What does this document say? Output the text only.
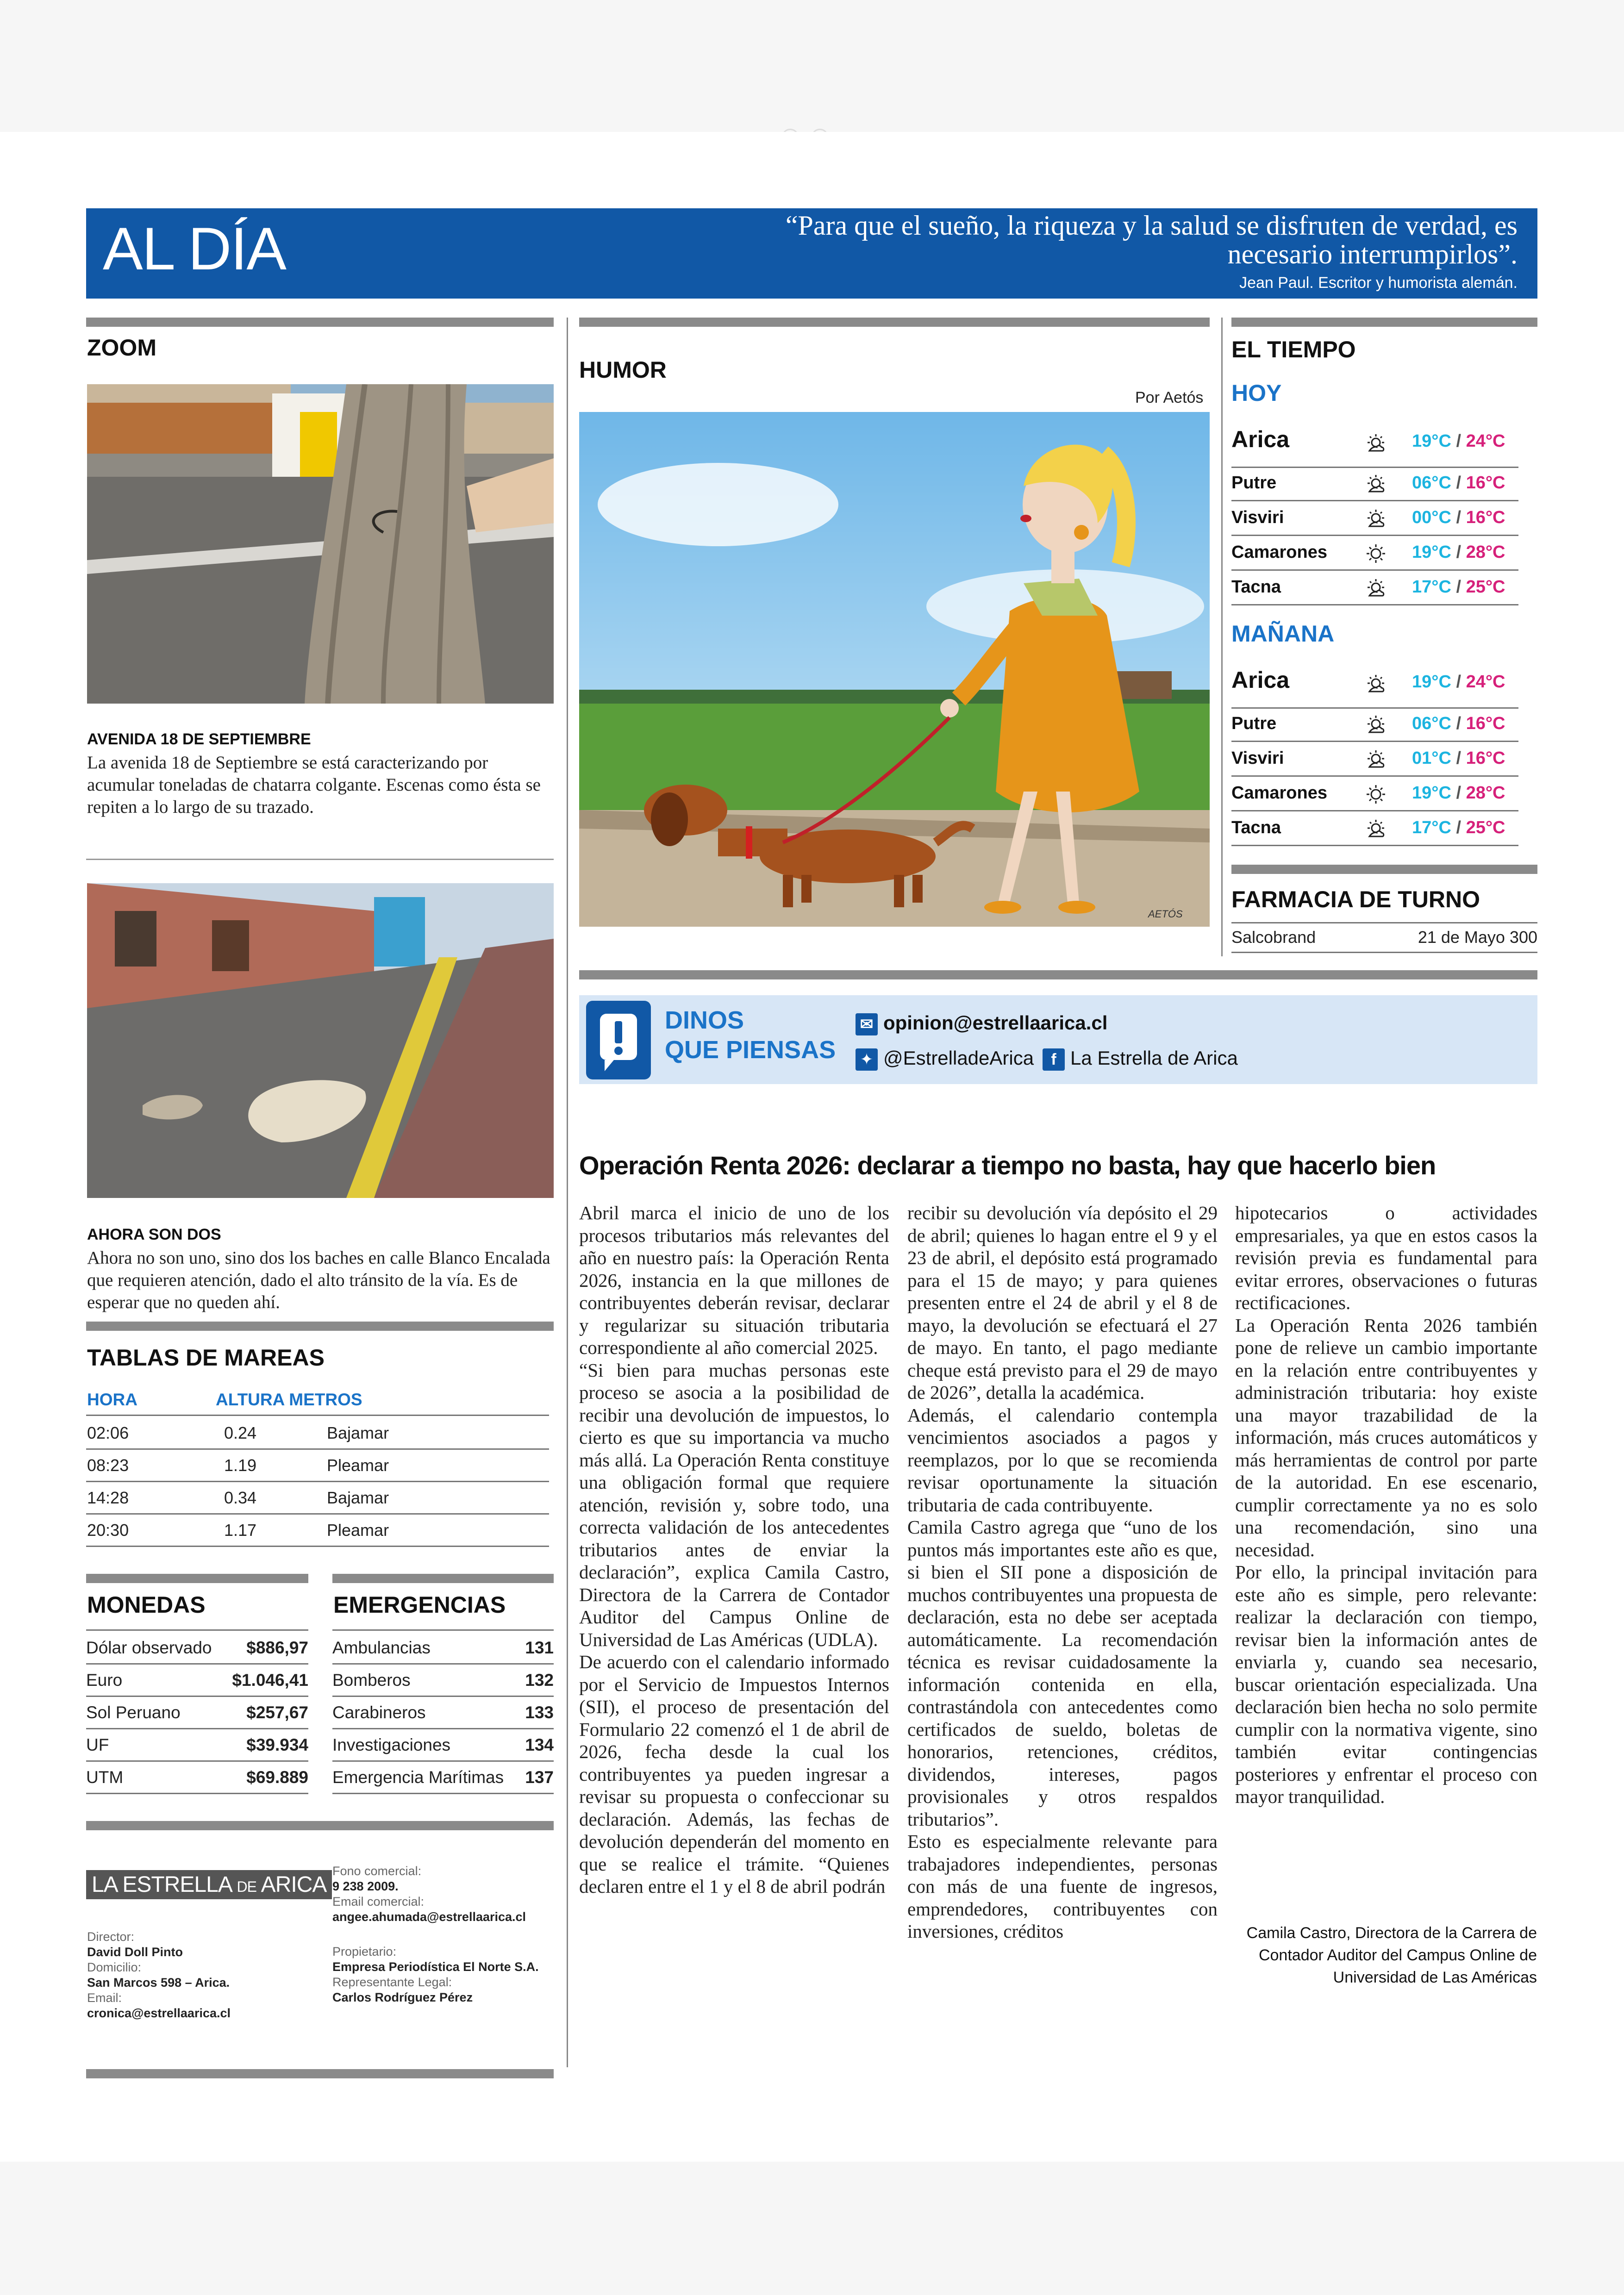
AL DÍA	“Para que el sueño, la riqueza y la salud se disfruten de verdad, es necesario interrumpirlos”.
Jean Paul. Escritor y humorista alemán.
ZOOM
AVENIDA 18 DE SEPTIEMBRE
La avenida 18 de Septiembre se está caracterizando por acumular toneladas de chatarra colgante. Escenas como ésta se repiten a lo largo de su trazado.
AHORA SON DOS
Ahora no son uno, sino dos los baches en calle Blanco Encalada que requieren atención, dado el alto tránsito de la vía. Es de esperar que no queden ahí.
TABLAS DE MAREAS
HORA	ALTURA METROS
02:06	0.24	Bajamar
08:23	1.19	Pleamar
14:28	0.34	Bajamar
20:30	1.17	Pleamar
MONEDAS
Dólar observado $886,97
Euro	$1.046,41
Sol Peruano	$257,67
UF	$39.934
UTM	$69.889
EMERGENCIAS
Ambulancias	131
Bomberos	132
Carabineros	133
Investigaciones	134
Emergencia Marítimas 137
LA ESTRELLA DE ARICA
Fono comercial:
9 238 2009.
Email comercial:
angee.ahumada@estrellaarica.cl
Director:
David Doll Pinto
Domicilio:
San Marcos 598 – Arica.
Email:
cronica@estrellaarica.cl
Propietario:
Empresa Periodística El Norte S.A.
Representante Legal:
Carlos Rodríguez Pérez
HUMOR
Por Aetós
AETÓS
EL TIEMPO
HOY
Arica	19°C / 24°C
Putre	06°C / 16°C
Visviri	00°C / 16°C
Camarones	19°C / 28°C
Tacna	17°C / 25°C
MAÑANA
Arica	19°C / 24°C
Putre	06°C / 16°C
Visviri	01°C / 16°C
Camarones	19°C / 28°C
Tacna	17°C / 25°C
FARMACIA DE TURNO
Salcobrand	21 de Mayo 300
DINOS
QUE PIENSAS
✉ opinion@estrellaarica.cl
✦ @EstrelladeArica	f La Estrella de Arica
Operación Renta 2026: declarar a tiempo no basta, hay que hacerlo bien

Abril marca el inicio de uno de los procesos tributarios más relevantes del año en nuestro país: la Operación Renta 2026, instancia en la que millones de contribuyentes deberán revisar, declarar y regularizar su situación tributaria correspondiente al año comercial 2025.

“Si bien para muchas personas este proceso se asocia a la posibilidad de recibir una devolución de impuestos, lo cierto es que su importancia va mucho más allá. La Operación Renta constituye una obligación formal que requiere atención, revisión y, sobre todo, una correcta validación de los antecedentes tributarios antes de enviar la declaración”, explica Camila Castro, Directora de la Carrera de Contador Auditor del Campus Online de Universidad de Las Américas (UDLA).

De acuerdo con el calendario informado por el Servicio de Impuestos Internos (SII), el proceso de presentación del Formulario 22 comenzó el 1 de abril de 2026, fecha desde la cual los contribuyentes ya pueden ingresar a revisar su propuesta o confeccionar su declaración. Además, las fechas de devolución dependerán del momento en que se realice el trámite. “Quienes declaren entre el 1 y el 8 de abril podrán

recibir su devolución vía depósito el 29 de abril; quienes lo hagan entre el 9 y el 23 de abril, el depósito está programado para el 15 de mayo; y para quienes presenten entre el 24 de abril y el 8 de mayo, la devolución se efectuará el 27 de mayo. En tanto, el pago mediante cheque está previsto para el 29 de mayo de 2026”, detalla la académica.

Además, el calendario contempla vencimientos asociados a pagos y reemplazos, por lo que se recomienda revisar oportunamente la situación tributaria de cada contribuyente.

Camila Castro agrega que “uno de los puntos más importantes este año es que, si bien el SII pone a disposición de muchos contribuyentes una propuesta de declaración, esta no debe ser aceptada automáticamente. La recomendación técnica es revisar cuidadosamente la información contenida en ella, contrastándola con antecedentes como certificados de sueldo, boletas de honorarios, retenciones, créditos, dividendos, intereses, pagos provisionales y otros respaldos tributarios”.

Esto es especialmente relevante para trabajadores independientes, personas con más de una fuente de ingresos, emprendedores, contribuyentes con inversiones, créditos

hipotecarios o actividades empresariales, ya que en estos casos la revisión previa es fundamental para evitar errores, observaciones o futuras rectificaciones.

La Operación Renta 2026 también pone de relieve un cambio importante en la relación entre contribuyentes y administración tributaria: hoy existe una mayor trazabilidad de la información, más cruces automáticos y más herramientas de control por parte de la autoridad. En ese escenario, cumplir correctamente ya no es solo una recomendación, sino una necesidad.

Por ello, la principal invitación para este año es simple, pero relevante: realizar la declaración con tiempo, revisar bien la información antes de enviarla y, cuando sea necesario, buscar orientación especializada. Una declaración bien hecha no solo permite cumplir con la normativa vigente, sino también evitar contingencias posteriores y enfrentar el proceso con mayor tranquilidad.

Camila Castro, Directora de la Carrera de Contador Auditor del Campus Online de Universidad de Las Américas
